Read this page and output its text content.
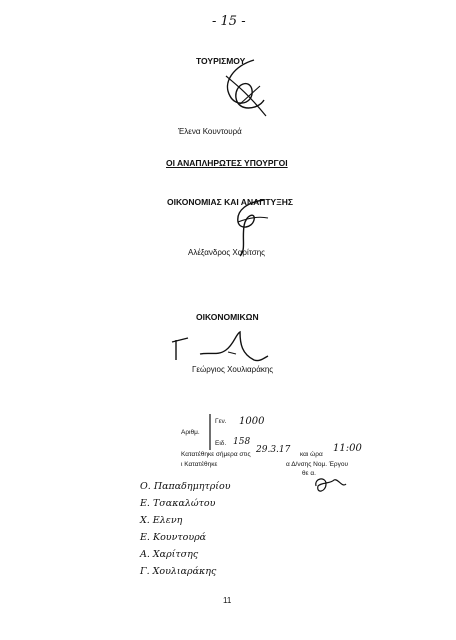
- 15 -
ΤΟΥΡΙΣΜΟΥ
Έλενα Κουντουρά
ΟΙ ΑΝΑΠΛΗΡΩΤΕΣ ΥΠΟΥΡΓΟΙ
ΟΙΚΟΝΟΜΙΑΣ ΚΑΙ ΑΝΑΠΤΥΞΗΣ
Αλέξανδρος Χαρίτσης
ΟΙΚΟΝΟΜΙΚΩΝ
Γεώργιος Χουλιαράκης
Αριθμ.
Γεν. 1000
Ειδ. 158
Κατατέθηκε σήμερα στις 29.3.17 και ώρα
11:00
ι Κατατέθηκε	α Δ/νσης Νομ. Έργου
θε α.
Ο. Παπαδημητρίου
Ε. Τσακαλώτου
Χ. Ελενη
Ε. Κουντουρά
Α. Χαρίτσης
Γ. Χουλιαράκης
11
